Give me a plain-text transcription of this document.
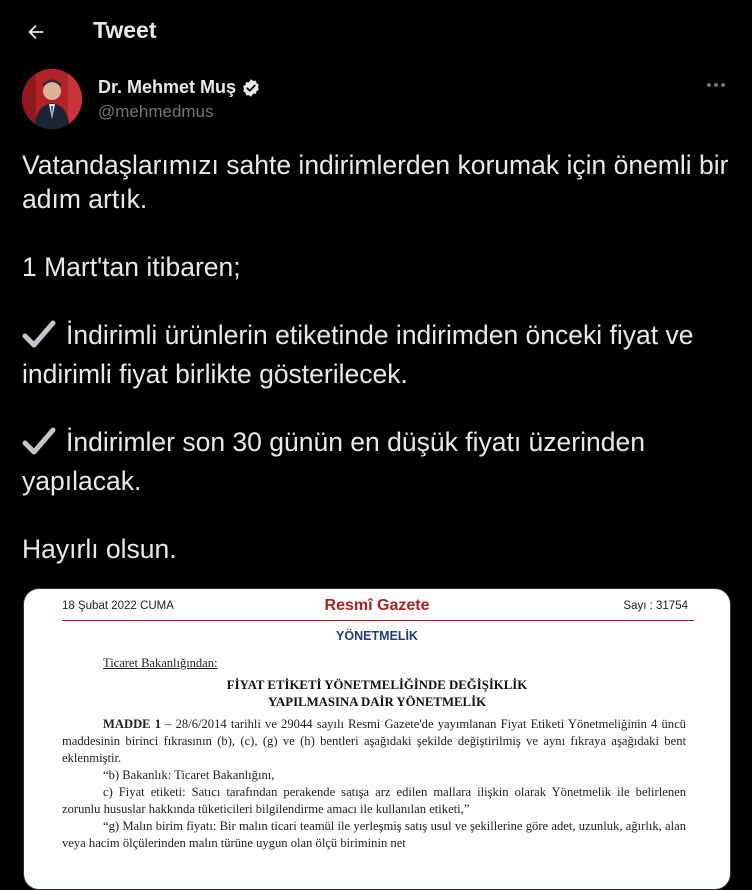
Tweet
Dr. Mehmet Muş
@mehmedmus

Vatandaşlarımızı sahte indirimlerden korumak için önemli bir adım artık.

1 Mart'tan itibaren;

İndirimli ürünlerin etiketinde indirimden önceki fiyat ve indirimli fiyat birlikte gösterilecek.

İndirimler son 30 günün en düşük fiyatı üzerinden yapılacak.

Hayırlı olsun.

18 Şubat 2022 CUMA	Resmî Gazete	Sayı : 31754
YÖNETMELİK
Ticaret Bakanlığından:
FİYAT ETİKETİ YÖNETMELİĞİNDE DEĞİŞİKLİK
YAPILMASINA DAİR YÖNETMELİK

MADDE 1 – 28/6/2014 tarihli ve 29044 sayılı Resmi Gazete'de yayımlanan Fiyat Etiketi Yönetmeliğinin 4 üncü maddesinin birinci fıkrasının (b), (c), (g) ve (h) bentleri aşağıdaki şekilde değiştirilmiş ve aynı fıkraya aşağıdaki bent eklenmiştir.

“b) Bakanlık: Ticaret Bakanlığını,

c) Fiyat etiketi: Satıcı tarafından perakende satışa arz edilen mallara ilişkin olarak Yönetmelik ile belirlenen zorunlu hususlar hakkında tüketicileri bilgilendirme amacı ile kullanılan etiketi,”

“g) Malın birim fiyatı: Bir malın ticari teamül ile yerleşmiş satış usul ve şekillerine göre adet, uzunluk, ağırlık, alan veya hacim ölçülerinden malın türüne uygun olan ölçü biriminin net
